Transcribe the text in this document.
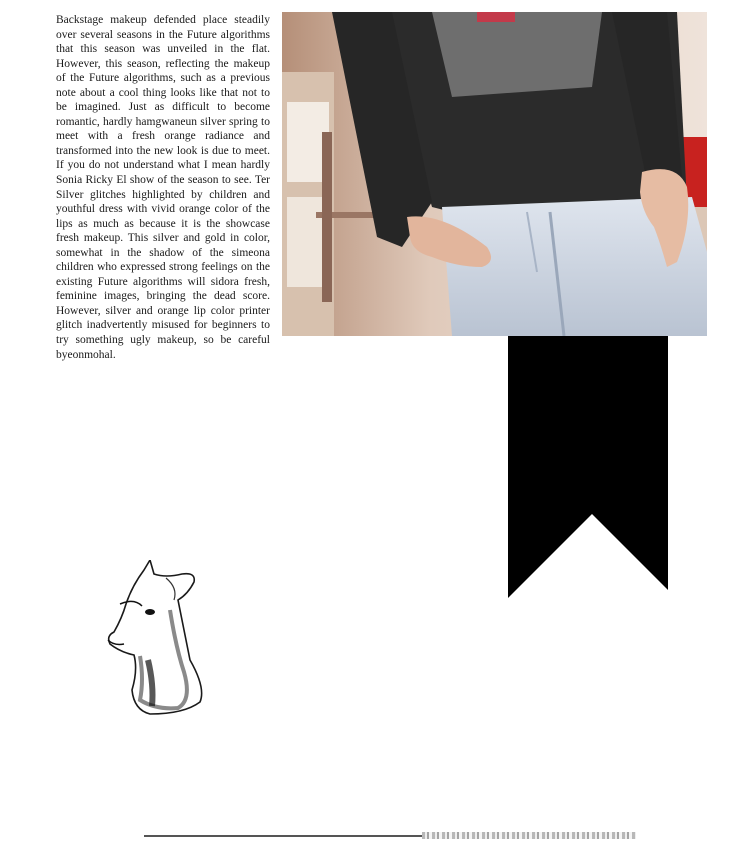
Backstage makeup defended place steadily over several seasons in the Future algorithms that this season was unveiled in the flat. However, this season, reflecting the makeup of the Future algorithms, such as a previous note about a cool thing looks like that not to be imagined. Just as difficult to become romantic, hardly hamgwaneun silver spring to meet with a fresh orange radiance and transformed into the new look is due to meet. If you do not understand what I mean hardly Sonia Ricky El show of the season to see. Ter Silver glitches highlighted by children and youthful dress with vivid orange color of the lips as much as because it is the showcase fresh makeup. This silver and gold in color, somewhat in the shadow of the simeona children who expressed strong feelings on the existing Future algorithms will sidora fresh, feminine images, bringing the dead score. However, silver and orange lip color printer glitch inadvertently misused for beginners to try something ugly makeup, so be careful byeonmohal.
